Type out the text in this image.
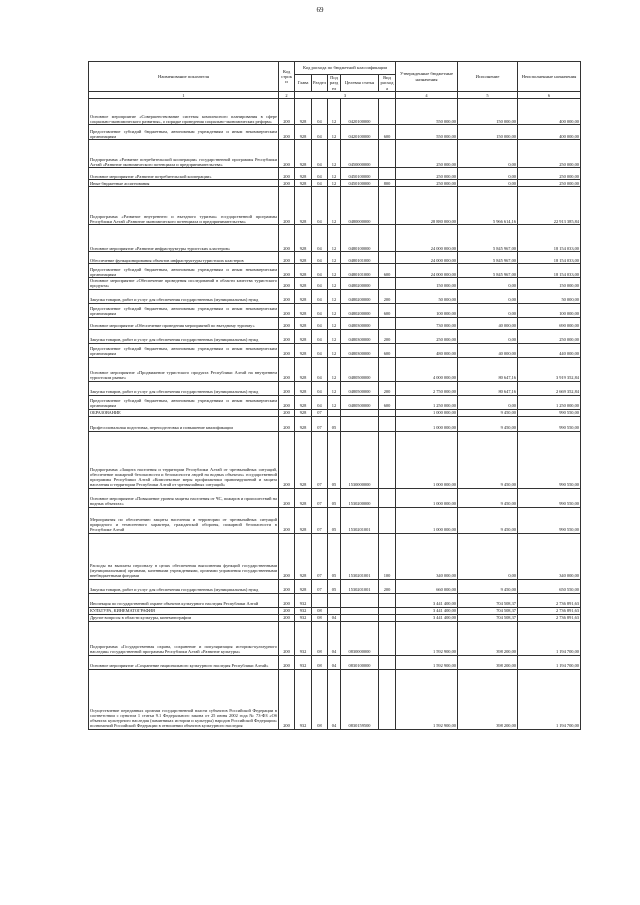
69
Наименование показателя	Код строки	Код расхода по бюджетной классификации					Утвержденные бюджетные назначения	Исполнение	Неисполненные назначения
		Глава	Раздел	Подраздел	Целевая статья	Вид расхода			
1	2	3					4	5	6
Основное мероприятие «Совершенствование системы комплексного планирования в сфере социально-экономического развития», о порядке проведения социально-экономических реформ»	200	928	04	12	0420100000		550 000,00	150 000,00	400 000,00
Предоставление субсидий бюджетным, автономным учреждениям и иным некоммерческим организациям	200	928	04	12	0420100000	600	550 000,00	150 000,00	400 000,00
Подпрограмма «Развитие потребительской кооперации» государственной программы Республики Алтай «Развитие экономического потенциала и предпринимательства»	200	928	04	12	0450000000		250 000,00	0,00	250 000,00
Основное мероприятие «Развитие потребительской кооперации»	200	928	04	12	0450100000		250 000,00	0,00	250 000,00
Иные бюджетные ассигнования	200	928	04	12	0450100000	800	250 000,00	0,00	250 000,00
Подпрограмма «Развитие внутреннего и въездного туризма» государственной программы Республики Алтай «Развитие экономического потенциала и предпринимательства»	200	928	04	12	0480000000		28 880 000,00	5 966 614,16	22 913 385,84
Основное мероприятие «Развитие инфраструктуры туристских кластеров»	200	928	04	12	0480100000		24 000 000,00	5 845 967,00	18 154 033,00
Обеспечение функционирования объектов инфраструктуры туристских кластеров	200	928	04	12	0480101000		24 000 000,00	5 845 967,00	18 154 033,00
Предоставление субсидий бюджетным, автономным учреждениям и иным некоммерческим организациям	200	928	04	12	0480101000	600	24 000 000,00	5 845 967,00	18 154 033,00
Основное мероприятие «Обеспечение проведения исследований в области качества туристского продукта»	200	928	04	12	0480200000		150 000,00	0,00	150 000,00
Закупка товаров, работ и услуг для обеспечения государственных (муниципальных) нужд	200	928	04	12	0480200000	200	50 000,00	0,00	50 000,00
Предоставление субсидий бюджетным, автономным учреждениям и иным некоммерческим организациям	200	928	04	12	0480200000	600	100 000,00	0,00	100 000,00
Основное мероприятие «Обеспечение проведения мероприятий по въездному туризму»	200	928	04	12	0480300000		730 000,00	40 000,00	690 000,00
Закупка товаров, работ и услуг для обеспечения государственных (муниципальных) нужд	200	928	04	12	0480300000	200	250 000,00	0,00	250 000,00
Предоставление субсидий бюджетным, автономным учреждениям и иным некоммерческим организациям	200	928	04	12	0480300000	600	480 000,00	40 000,00	440 000,00
Основное мероприятие «Продвижение туристского продукта Республики Алтай на внутреннем туристском рынке»	200	928	04	12	0480500000		4 000 000,00	80 647,16	3 919 352,84
Закупка товаров, работ и услуг для обеспечения государственных (муниципальных) нужд	200	928	04	12	0480500000	200	2 750 000,00	80 647,16	2 669 352,84
Предоставление субсидий бюджетным, автономным учреждениям и иным некоммерческим организациям	200	928	04	12	0480500000	600	1 250 000,00	0,00	1 250 000,00
ОБРАЗОВАНИЕ	200	928	07				1 000 000,00	9 450,00	990 550,00
Профессиональная подготовка, переподготовка и повышение квалификации	200	928	07	05			1 000 000,00	9 450,00	990 550,00
Подпрограмма «Защита населения и территории Республики Алтай от чрезвычайных ситуаций, обеспечение пожарной безопасности и безопасности людей на водных объектах» государственной программы Республики Алтай «Комплексные меры профилактики правонарушений и защита населения и территории Республики Алтай от чрезвычайных ситуаций»	200	928	07	05	1530000000		1 000 000,00	9 450,00	990 550,00
Основное мероприятие «Повышение уровня защиты населения от ЧС, пожаров и происшествий на водных объектах»	200	928	07	05	1530200000		1 000 000,00	9 450,00	990 550,00
Мероприятия по обеспечению защиты населения и территории от чрезвычайных ситуаций природного и техногенного характера, гражданской обороны, пожарной безопасности в Республике Алтай	200	928	07	05	1530201001		1 000 000,00	9 450,00	990 550,00
Расходы на выплаты персоналу в целях обеспечения выполнения функций государственными (муниципальными) органами, казенными учреждениями, органами управления государственными внебюджетными фондами	200	928	07	05	1530201001	100	340 000,00	0,00	340 000,00
Закупка товаров, работ и услуг для обеспечения государственных (муниципальных) нужд	200	928	07	05	1530201001	200	660 000,00	9 450,00	650 550,00
Инспекция по государственной охране объектов культурного наследия Республики Алтай	200	932					3 441 400,00	704 508,37	2 736 891,63
КУЛЬТУРА, КИНЕМАТОГРАФИЯ	200	932	08				3 441 400,00	704 508,37	2 736 891,63
Другие вопросы в области культуры, кинематографии	200	932	08	04			3 441 400,00	704 508,37	2 736 891,63
Подпрограмма «Государственная охрана, сохранение и популяризация историко-культурного наследия» государственной программы Республики Алтай «Развитие культуры»	200	932	08	04	0830000000		1 592 900,00	398 200,00	1 194 700,00
Основное мероприятие «Сохранение национального культурного наследия Республики Алтай»	200	932	08	04	0830100000		1 592 900,00	398 200,00	1 194 700,00
Осуществление переданных органам государственной власти субъектов Российской Федерации в соответствии с пунктом 1 статьи 9.1 Федерального закона от 25 июня 2002 года № 73-ФЗ «Об объектах культурного наследия (памятниках истории и культуры) народов Российской Федерации» полномочий Российской Федерации в отношении объектов культурного наследия	200	932	08	04	0830159500		1 592 900,00	398 200,00	1 194 700,00
